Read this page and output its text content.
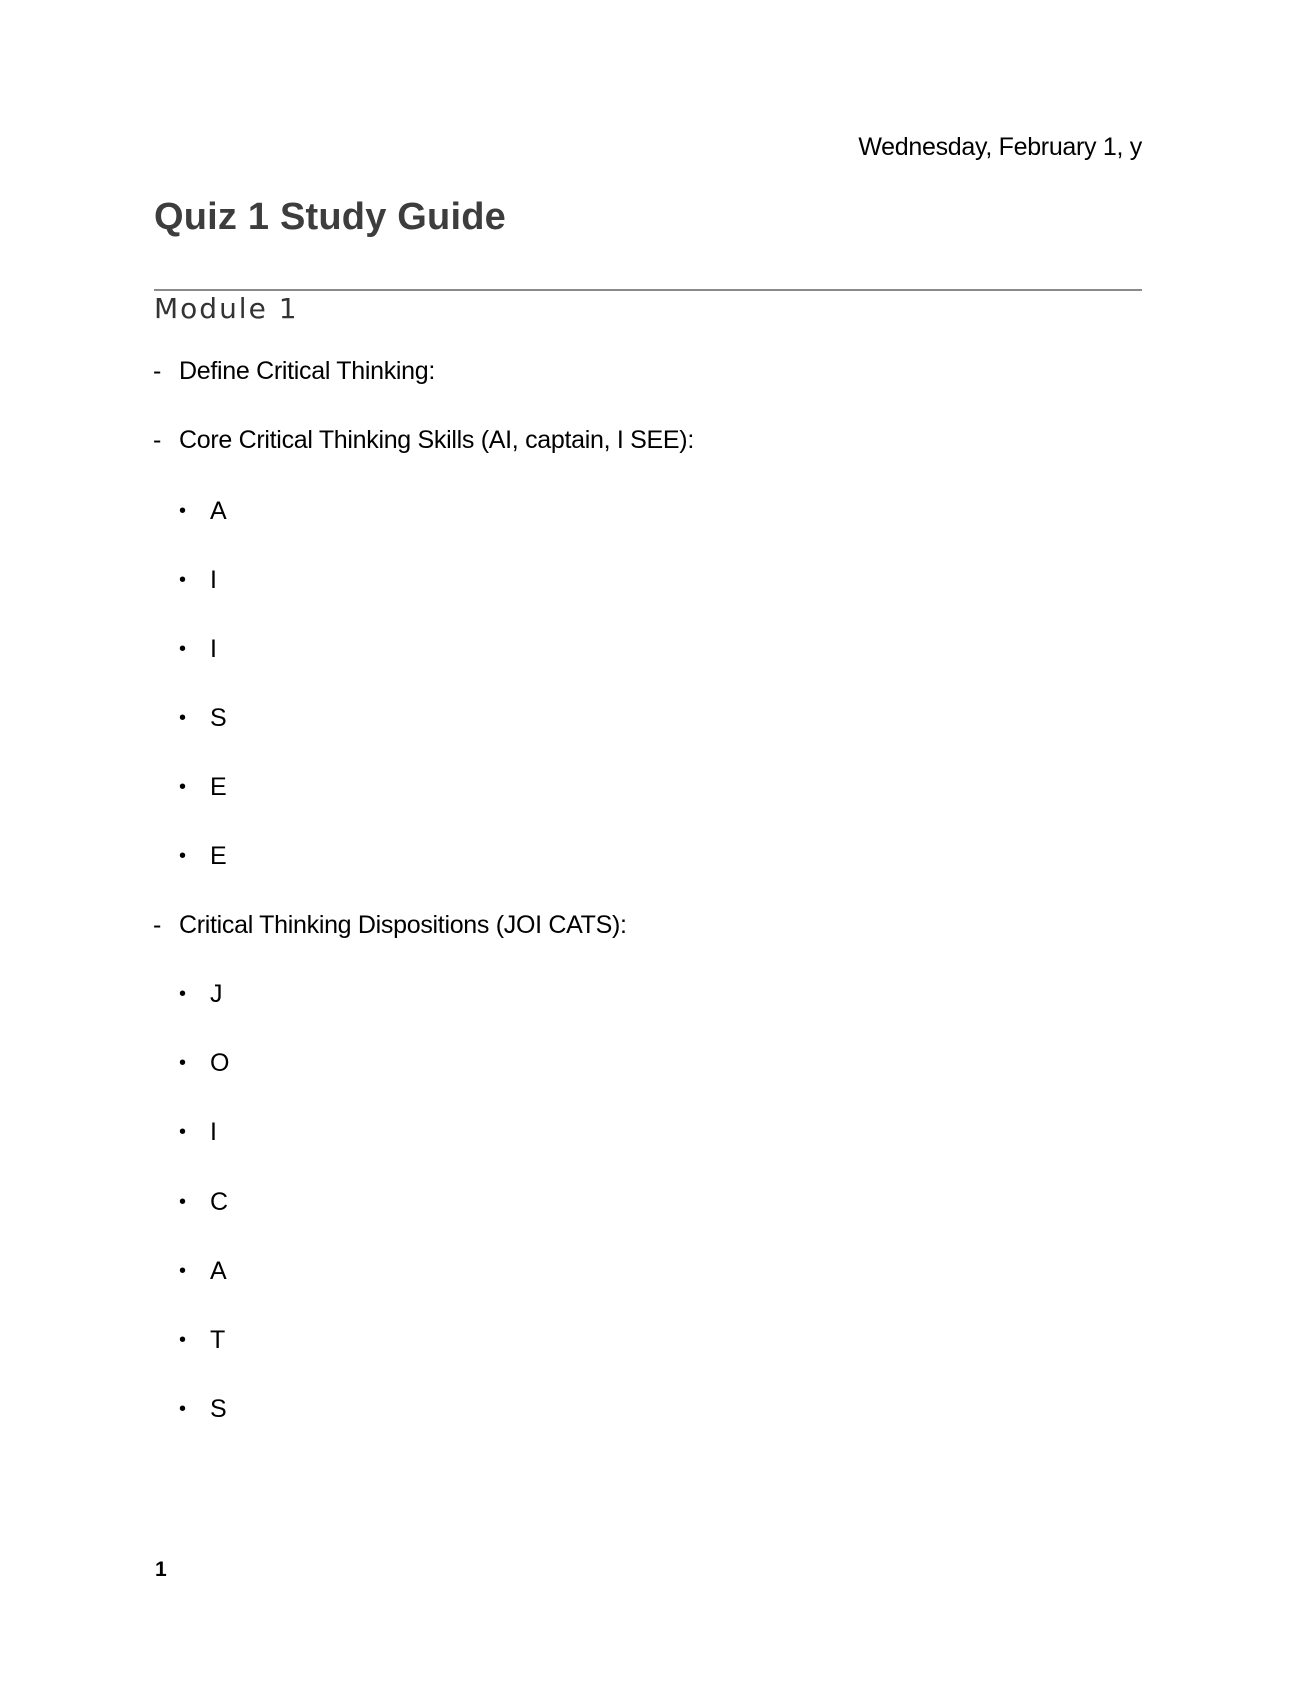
Wednesday, February 1, y
Quiz 1 Study Guide
Module 1
- Define Critical Thinking:
- Core Critical Thinking Skills (AI, captain, I SEE):
• A
• I
• I
• S
• E
• E
- Critical Thinking Dispositions (JOI CATS):
• J
• O
• I
• C
• A
• T
• S
1
